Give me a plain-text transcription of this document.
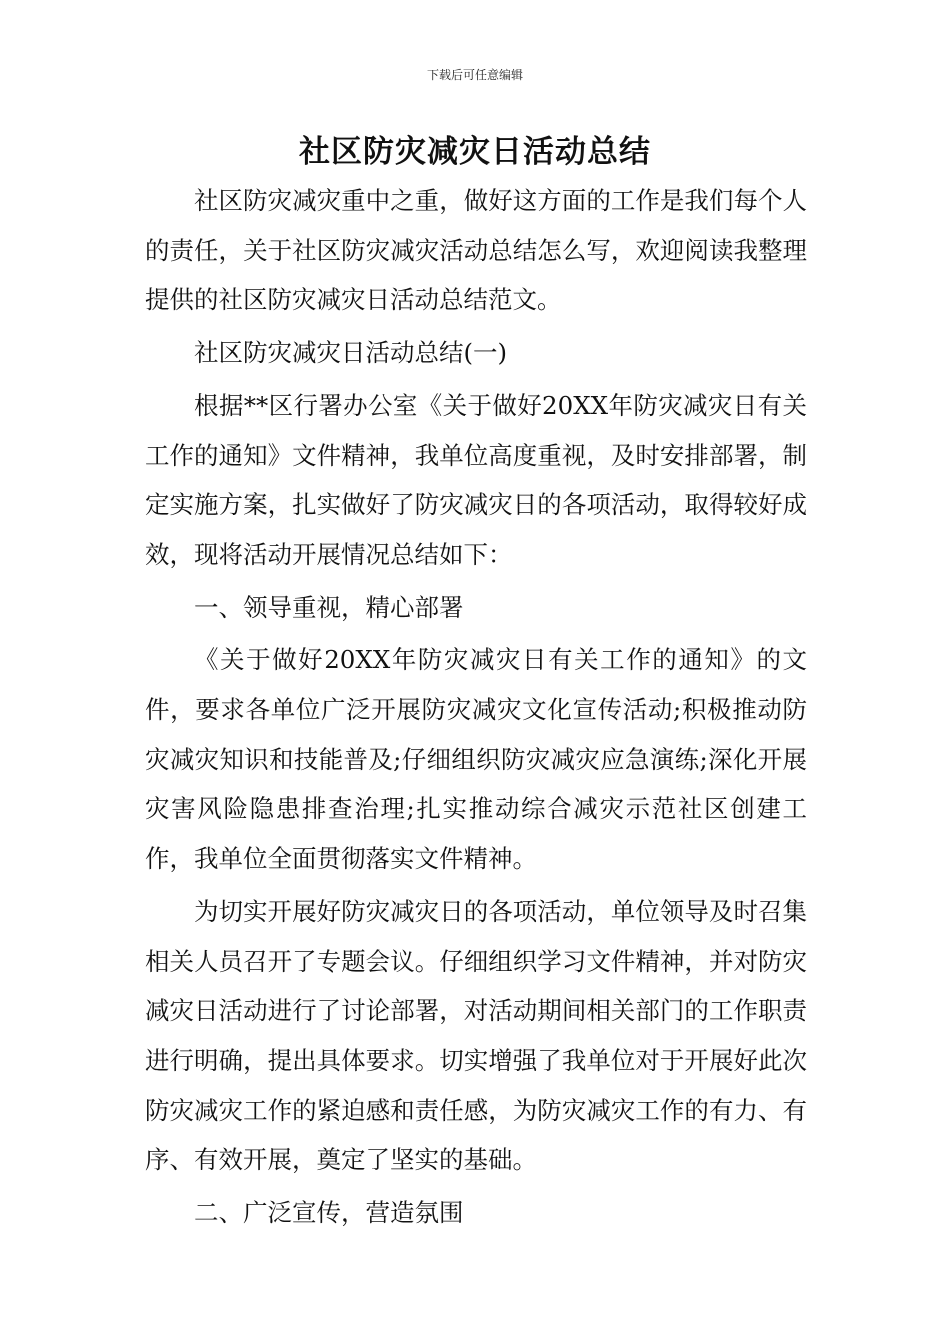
下载后可任意编辑
社区防灾减灾日活动总结

社区防灾减灾重中之重，做好这方面的工作是我们每个人的责任，关于社区防灾减灾活动总结怎么写，欢迎阅读我整理提供的社区防灾减灾日活动总结范文。

社区防灾减灾日活动总结(一)

根据**区行署办公室《关于做好20XX年防灾减灾日有关工作的通知》文件精神，我单位高度重视，及时安排部署，制定实施方案，扎实做好了防灾减灾日的各项活动，取得较好成效，现将活动开展情况总结如下：

一、领导重视，精心部署

《关于做好20XX年防灾减灾日有关工作的通知》的文件，要求各单位广泛开展防灾减灾文化宣传活动;积极推动防灾减灾知识和技能普及;仔细组织防灾减灾应急演练;深化开展灾害风险隐患排查治理;扎实推动综合减灾示范社区创建工作，我单位全面贯彻落实文件精神。

为切实开展好防灾减灾日的各项活动，单位领导及时召集相关人员召开了专题会议。仔细组织学习文件精神，并对防灾减灾日活动进行了讨论部署，对活动期间相关部门的工作职责进行明确，提出具体要求。切实增强了我单位对于开展好此次防灾减灾工作的紧迫感和责任感，为防灾减灾工作的有力、有序、有效开展，奠定了坚实的基础。

二、广泛宣传，营造氛围
